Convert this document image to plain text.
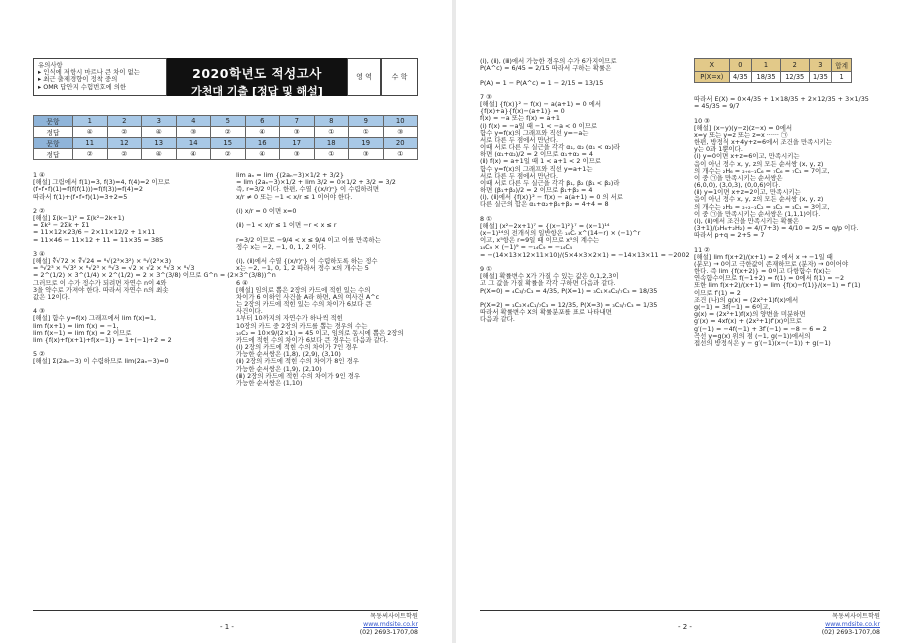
유의사항
▸ 인식에 저항시 마르나 큰 차이 없는
▸ 최근 출제경향이 정착 중의
▸ OMR 답안지 수험번호에 의한
2020학년도 적성고사
가천대 기출 [정답 및 해설]
영 역	수 학
문항	1	2	3	4	5	6	7	8	9	10
정답	④	②	④	③	②	④	③	①	①	③
문항	11	12	13	14	15	16	17	18	19	20
정답	②	②	④	④	②	④	③	①	③	①
1 ④
[해설] 그림에서 f(1)=3, f(3)=4, f(4)=2 이므로
(f∘f∘f)(1)=f(f(f(1)))=f(f(3))=f(4)=2
따라서 f(1)+(f∘f∘f)(1)=3+2=5

2 ②
[해설] Σ(k−1)² = Σ(k²−2k+1)
= Σk² − 2Σk + Σ1
= 11×12×23/6 − 2×11×12/2 + 1×11
= 11×46 − 11×12 + 11 = 11×35 = 385

3 ④
[해설] ∜√72 × ∜√24 = ⁸√(2³×3²) × ⁸√(2³×3)
= ⁸√2³ × ⁸√3² × ⁸√2³ × ⁸√3 = √2 × √2 × ⁸√3 × ⁸√3
= 2^(1/2) × 3^(1/4) × 2^(1/2) = 2 × 3^(3/8) 이므로 G^n = (2×3^(3/8))^n
그러므로 이 수가 정수가 되려면 자연수 n이 4와
3을 약수로 가져야 한다. 따라서 자연수 n의 최솟
값은 12이다.

4 ③
[해설] 함수 y=f(x) 그래프에서 lim f(x)=1,
lim f(x+1) = lim f(x) = −1,
lim f(x−1) = lim f(x) = 2 이므로
lim {f(x)+f(x+1)+f(x−1)} = 1+(−1)+2 = 2

5 ②
[해설] Σ(2aₙ−3) 이 수렴하므로 lim(2aₙ−3)=0
lim aₙ = lim {(2aₙ−3)×1/2 + 3/2}
= lim (2aₙ−3)×1/2 + lim 3/2 = 0×1/2 + 3/2 = 3/2
즉, r=3/2 이다. 한편, 수열 {(x/r)ⁿ} 이 수렴하려면
x/r ≠ 0 또는 −1 < x/r ≤ 1 이어야 한다.

(ⅰ) x/r = 0 이면 x=0

(ⅱ) −1 < x/r ≤ 1 이면 −r < x ≤ r

r=3/2 이므로 −9/4 < x ≤ 9/4 이고 이를 만족하는
정수 x는 −2, −1, 0, 1, 2 이다.

(ⅰ), (ⅱ)에서 수열 {(x/r)ⁿ} 이 수렴하도록 하는 정수
x는 −2, −1, 0, 1, 2 따라서 정수 x의 개수는 5

6 ④
[해설] 임의로 뽑은 2장의 카드에 적힌 있는 수의
차이가 6 이하인 사건을 A라 하면, A의 여사건 A^c
는 2장의 카드에 적힌 있는 수의 차이가 6보다 큰
사건이다.
1부터 10까지의 자연수가 하나씩 적힌
10장의 카드 중 2장의 카드를 뽑는 경우의 수는
₁₀C₂ = 10×9/(2×1) = 45 이고, 임의로 동시에 뽑은 2장의
카드에 적힌 수의 차이가 6보다 큰 경우는 다음과 같다.
(ⅰ) 2장의 카드에 적힌 수의 차이가 7인 경우
가능한 순서쌍은 (1,8), (2,9), (3,10)
(ⅱ) 2장의 카드에 적힌 수의 차이가 8인 경우
가능한 순서쌍은 (1,9), (2,10)
(ⅲ) 2장의 카드에 적힌 수의 차이가 9인 경우
가능한 순서쌍은 (1,10)
목동씨사이트학원
www.mdsite.co.kr
(02) 2693-1707,08
- 1 -
(ⅰ), (ⅱ), (ⅲ)에서 가능한 경우의 수가 6가지이므로
P(A^c) = 6/45 = 2/15 따라서 구하는 확률은

P(A) = 1 − P(A^c) = 1 − 2/15 = 13/15

7 ③
[해설] {f(x)}² − f(x) − a(a+1) = 0 에서
{f(x)+a}{f(x)−(a+1)} = 0
f(x) = −a 또는 f(x) = a+1
(ⅰ) f(x) = −a일 때 −1 < −a < 0 이므로
함수 y=f(x)의 그래프와 직선 y=−a는
서로 다른 두 점에서 만난다.
이때 서로 다른 두 실근을 각각 α₁, α₂ (α₁ < α₂)라
하면 (α₁+α₂)/2 = 2 이므로 α₁+α₂ = 4
(ⅱ) f(x) = a+1일 때 1 < a+1 < 2 이므로
함수 y=f(x)의 그래프와 직선 y=a+1는
서로 다른 두 점에서 만난다.
이때 서로 다른 두 실근을 각각 β₁, β₂ (β₁ < β₂)라
하면 (β₁+β₂)/2 = 2 이므로 β₁+β₂ = 4
(ⅰ), (ⅱ)에서 {f(x)}² − f(x) − a(a+1) = 0 의 서로
다른 실근의 합은 α₁+α₂+β₁+β₂ = 4+4 = 8

8 ①
[해설] (x²−2x+1)⁷ = {(x−1)²}⁷ = (x−1)¹⁴
(x−1)¹⁴의 전개식의 일반항은 ₁₄Cᵣ x^(14−r) × (−1)^r
이고, x⁵항은 r=9일 때 이므로 x⁵의 계수는
₁₄C₉ × (−1)⁹ = −₁₄C₉ = −₁₄C₅
= −(14×13×12×11×10)/(5×4×3×2×1) = −14×13×11 = −2002

9 ①
[해설] 확률변수 X가 가질 수 있는 값은 0,1,2,3이
고 그 값을 가질 확률을 각각 구하면 다음과 같다.
P(X=0) = ₄C₃/₇C₃ = 4/35, P(X=1) = ₃C₁×₄C₂/₇C₃ = 18/35

P(X=2) = ₃C₂×₄C₁/₇C₃ = 12/35, P(X=3) = ₃C₃/₇C₃ = 1/35
따라서 확률변수 X의 확률분포를 표로 나타내면
다음과 같다.
X	0	1	2	3	합계
P(X=x)	4/35	18/35	12/35	1/35	1
따라서 E(X) = 0×4/35 + 1×18/35 + 2×12/35 + 3×1/35
= 45/35 = 9/7

10 ③
[해설] (x−y)(y−z)(z−x) = 0에서
x=y 또는 y=z 또는 z=x ······ ㉠
한편, 방정식 x+4y+z=6에서 조건을 만족시키는
y는 0과 1뿐이다.
(ⅰ) y=0이면 x+z=6이고, 만족시키는
음이 아닌 정수 x, y, z의 모든 순서쌍 (x, y, z)
의 개수는 ₂H₆ = ₂₊₆₋₁C₆ = ₇C₆ = ₇C₁ = 7이고,
이 중 ㉠을 만족시키는 순서쌍은
(6,0,0), (3,0,3), (0,0,6)이다.
(ⅱ) y=1이면 x+z=2이고, 만족시키는
음이 아닌 정수 x, y, z의 모든 순서쌍 (x, y, z)
의 개수는 ₂H₂ = ₂₊₂₋₁C₂ = ₃C₂ = ₃C₁ = 3이고,
이 중 ㉠을 만족시키는 순서쌍은 (1,1,1)이다.
(ⅰ), (ⅱ)에서 조건을 만족시키는 확률은
(3+1)/(₂H₆+₂H₂) = 4/(7+3) = 4/10 = 2/5 = q/p 이다.
따라서 p+q = 2+5 = 7

11 ②
[해설] lim f(x+2)/(x+1) = 2 에서 x → −1일 때
(분모) → 0이고 극한값이 존재하므로 (분자) → 0이어야
한다. 즉 lim {f(x+2)} = 0이고 다항함수 f(x)는
연속함수이므로 f(−1+2) = f(1) = 0에서 f(1) = −2
또한 lim f(x+2)/(x+1) = lim {f(x)−f(1)}/(x−1) = f′(1)
이므로 f′(1) = 2
조건 (나)의 g(x) = (2x²+1)f(x)에서
g(−1) = 3f(−1) = 6이고,
g(x) = (2x²+1)f(x)의 양변을 미분하면
g′(x) = 4xf(x) + (2x²+1)f′(x)이므로
g′(−1) = −4f(−1) + 3f′(−1) = −8 − 6 = 2
곡선 y=g(x) 위의 점 (−1, g(−1))에서의
접선의 방정식은 y − g′(−1)(x−(−1)) + g(−1)
목동씨사이트학원
www.mdsite.co.kr
(02) 2693-1707,08
- 2 -
